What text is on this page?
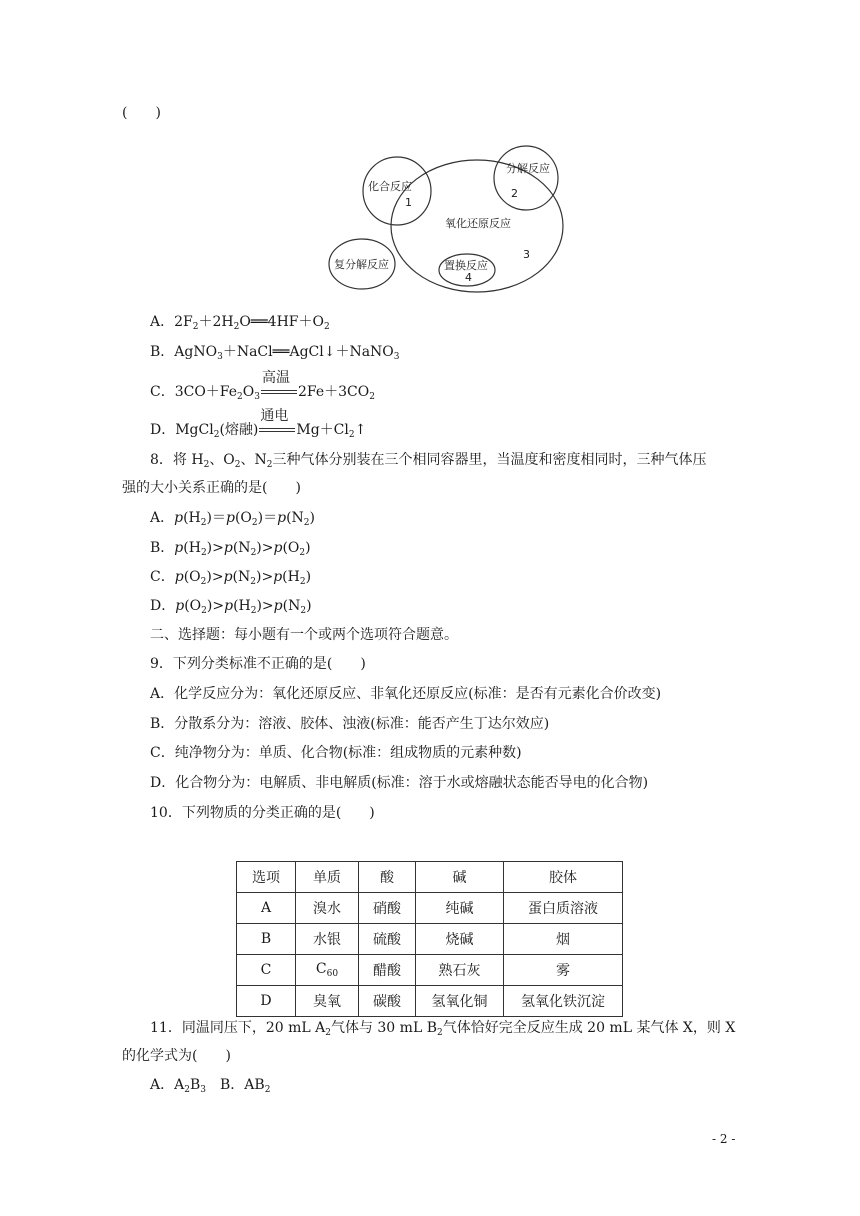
(　　)
化合反应
分解反应
氧化还原反应
复分解反应	置换反应
1
2
3
4
A．$2F_2+2H_2O══4HF+O_2$
B．AgNO$_3$＋NaCl══AgCl↓＋NaNO$_3$
C．$3CO+Fe_2O_3$
高温
$2Fe+3CO_2$
D．MgCl$_2$(熔融)
通电
$Mg+Cl_2↑$
8．将 $H_2$、$O_2$、$N_2$三种气体分别装在三个相同容器里，当温度和密度相同时，三种气体压
强的大小关系正确的是(　　)
A．$p(H_2)=p(O_2)=p(N_2)$
B．$p(H_2)>p(N_2)>p(O_2)$
C．$p(O_2)>p(N_2)>p(H_2)$
D．$p(O_2)>p(H_2)>p(N_2)$
二、选择题：每小题有一个或两个选项符合题意。
9．下列分类标准不正确的是(　　)
A．化学反应分为：氧化还原反应、非氧化还原反应(标准：是否有元素化合价改变)
B．分散系分为：溶液、胶体、浊液(标准：能否产生丁达尔效应)
C．纯净物分为：单质、化合物(标准：组成物质的元素种数)
D．化合物分为：电解质、非电解质(标准：溶于水或熔融状态能否导电的化合物)
10．下列物质的分类正确的是(　　)
选项	单质	酸	碱	胶体
A	溴水	硝酸	纯碱	蛋白质溶液
B	水银	硫酸	烧碱	烟
C	$C_{60}$	醋酸	熟石灰	雾
D	臭氧	碳酸	氢氧化铜	氢氧化铁沉淀
11．同温同压下，20 mL $A_2$气体与 30 mL $B_2$气体恰好完全反应生成 20 mL 某气体 X，则 X
的化学式为(　　)
A．$A_2B_3$　B．$AB_2$
- 2 -
